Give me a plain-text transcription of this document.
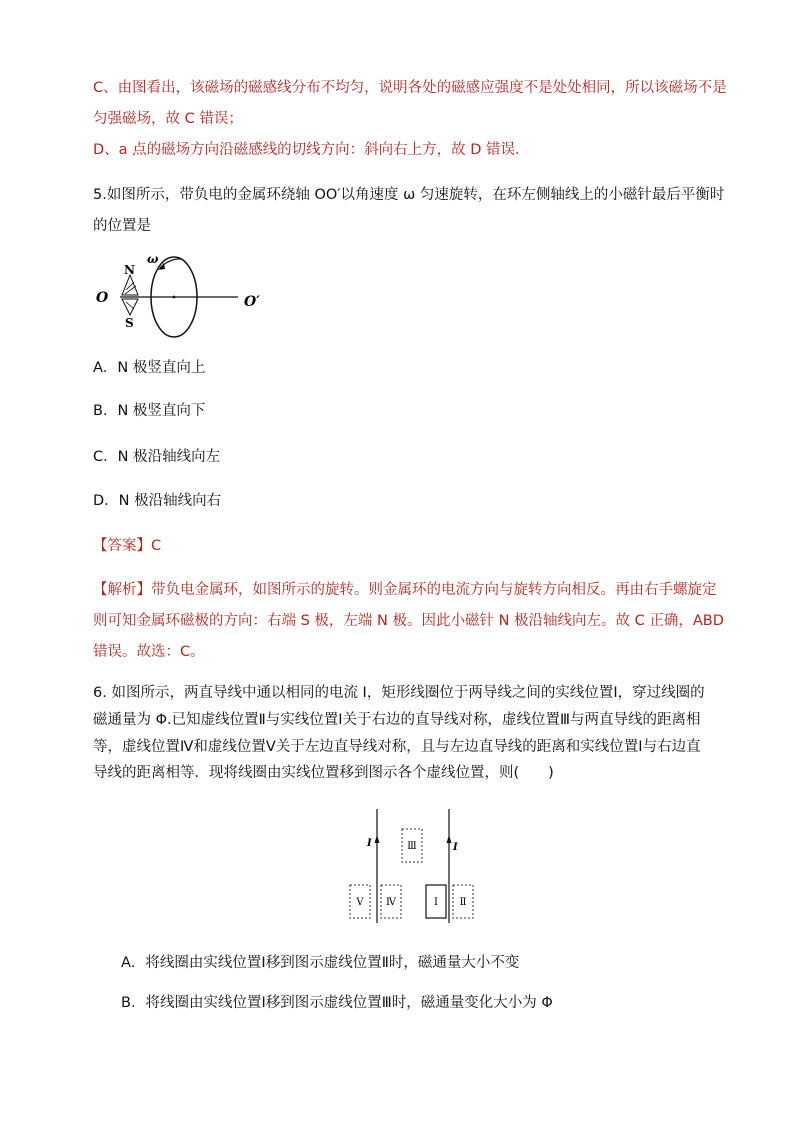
C、由图看出，该磁场的磁感线分布不均匀，说明各处的磁感应强度不是处处相同，所以该磁场不是
匀强磁场，故 C 错误；
D、a 点的磁场方向沿磁感线的切线方向：斜向右上方，故 D 错误．
5.如图所示，带负电的金属环绕轴 OO′以角速度 ω 匀速旋转，在环左侧轴线上的小磁针最后平衡时
的位置是
O	O′
N
S
ω
A．N 极竖直向上
B．N 极竖直向下
C．N 极沿轴线向左
D．N 极沿轴线向右
【答案】C
【解析】带负电金属环，如图所示的旋转。则金属环的电流方向与旋转方向相反。再由右手螺旋定
则可知金属环磁极的方向：右端 S 极，左端 N 极。因此小磁针 N 极沿轴线向左。故 C 正确，ABD
错误。故选：C。
6. 如图所示，两直导线中通以相同的电流 I，矩形线圈位于两导线之间的实线位置Ⅰ，穿过线圈的
磁通量为 Φ.已知虚线位置Ⅱ与实线位置Ⅰ关于右边的直导线对称，虚线位置Ⅲ与两直导线的距离相
等，虚线位置Ⅳ和虚线位置Ⅴ关于左边直导线对称，且与左边直导线的距离和实线位置Ⅰ与右边直
导线的距离相等．现将线圈由实线位置移到图示各个虚线位置，则(　　)
I	I
Ⅲ
Ⅴ Ⅳ	Ⅰ Ⅱ
A．将线圈由实线位置Ⅰ移到图示虚线位置Ⅱ时，磁通量大小不变
B．将线圈由实线位置Ⅰ移到图示虚线位置Ⅲ时，磁通量变化大小为 Φ
